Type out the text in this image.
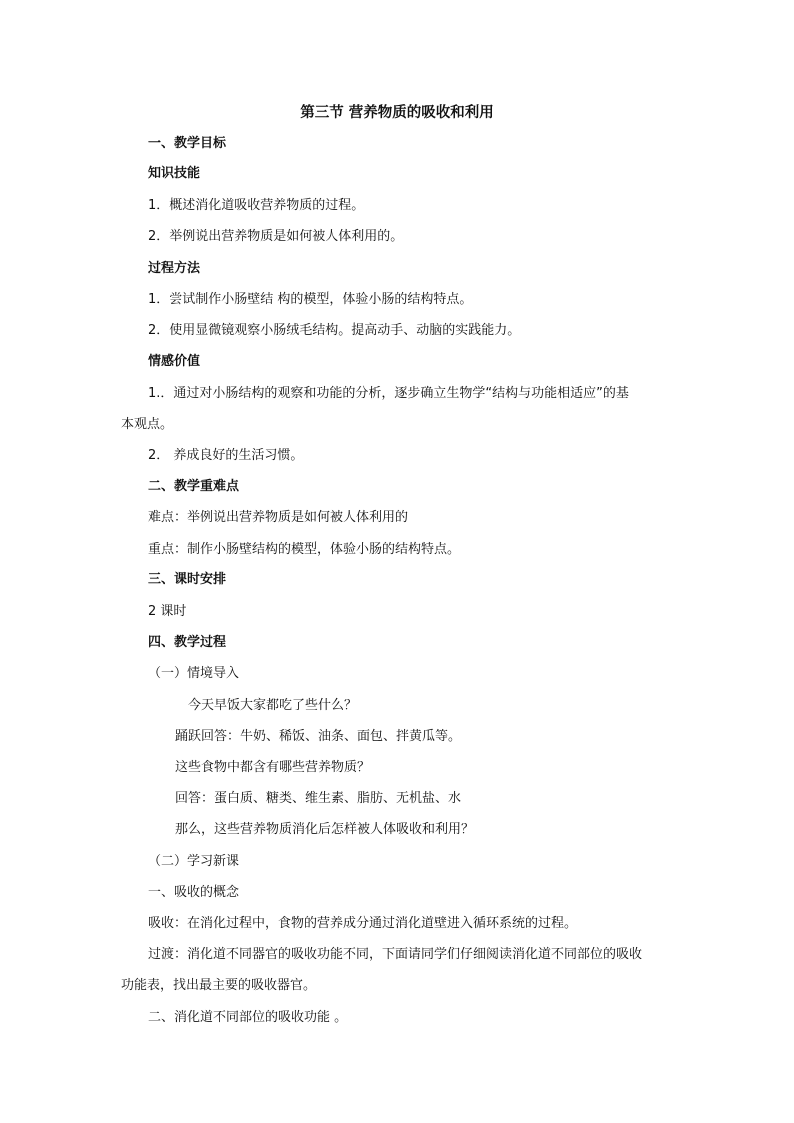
第三节 营养物质的吸收和利用
一、教学目标
知识技能
1．概述消化道吸收营养物质的过程。
2．举例说出营养物质是如何被人体利用的。
过程方法
1．尝试制作小肠壁结 构的模型，体验小肠的结构特点。
2．使用显微镜观察小肠绒毛结构。提高动手、动脑的实践能力。
情感价值
1.．通过对小肠结构的观察和功能的分析，逐步确立生物学“结构与功能相适应”的基
本观点。
2． 养成良好的生活习惯。
二、教学重难点
难点：举例说出营养物质是如何被人体利用的
重点：制作小肠壁结构的模型，体验小肠的结构特点。
三、课时安排
2 课时
四、教学过程
（一）情境导入
今天早饭大家都吃了些什么？
踊跃回答：牛奶、稀饭、油条、面包、拌黄瓜等。
这些食物中都含有哪些营养物质？
回答：蛋白质、糖类、维生素、脂肪、无机盐、水
那么，这些营养物质消化后怎样被人体吸收和利用？
（二）学习新课
一、吸收的概念
吸收：在消化过程中，食物的营养成分通过消化道壁进入循环系统的过程。
过渡：消化道不同器官的吸收功能不同，下面请同学们仔细阅读消化道不同部位的吸收
功能表，找出最主要的吸收器官。
二、消化道不同部位的吸收功能 。
